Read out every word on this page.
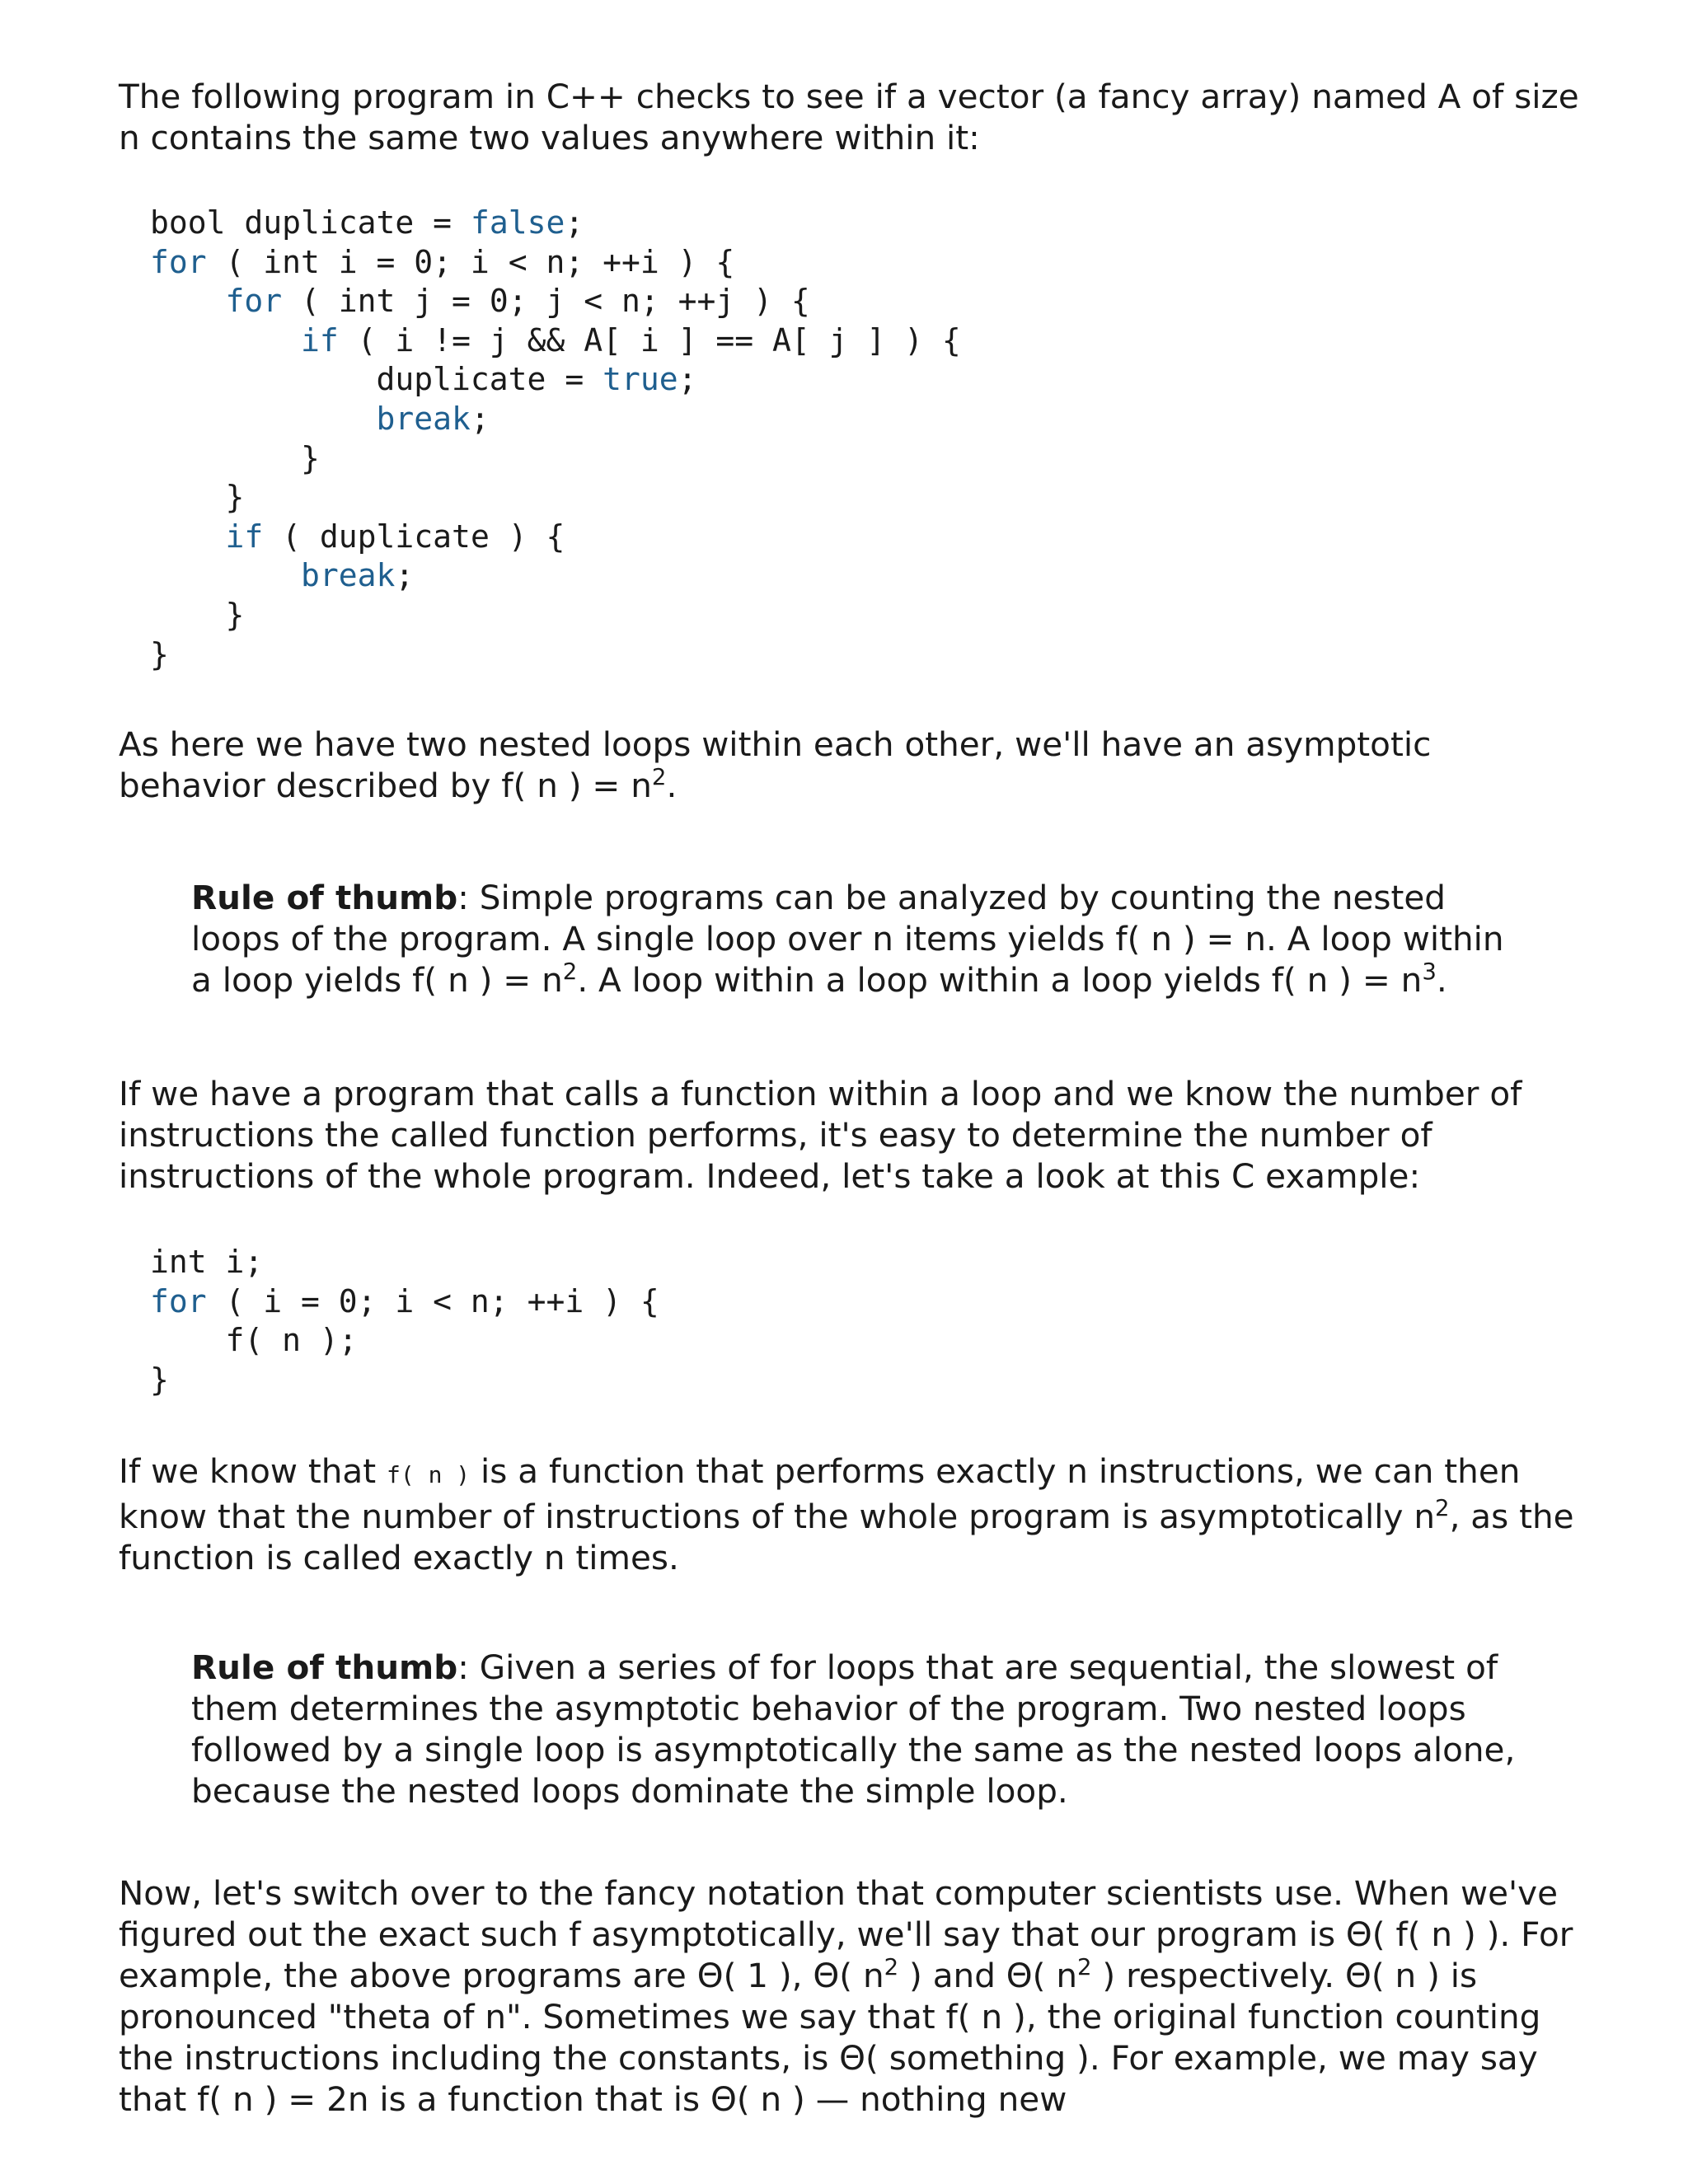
The following program in C++ checks to see if a vector (a fancy array) named A of size n contains the same two values anywhere within it:

bool duplicate = false;
for ( int i = 0; i < n; ++i ) {
for ( int j = 0; j < n; ++j ) {
if ( i != j && A[ i ] == A[ j ] ) {
duplicate = true;
break;
}
}
if ( duplicate ) {
break;
}
}

As here we have two nested loops within each other, we'll have an asymptotic behavior described by f( n ) = $n^2$.

Rule of thumb: Simple programs can be analyzed by counting the nested loops of the program. A single loop over n items yields f( n ) = n. A loop within a loop yields f( n ) = $n^2$. A loop within a loop within a loop yields f( n ) = $n^3$.

If we have a program that calls a function within a loop and we know the number of instructions the called function performs, it's easy to determine the number of instructions of the whole program. Indeed, let's take a look at this C example:

int i;
for ( i = 0; i < n; ++i ) {
f( n );
}

If we know that f( n ) is a function that performs exactly n instructions, we can then know that the number of instructions of the whole program is asymptotically $n^2$, as the function is called exactly n times.

Rule of thumb: Given a series of for loops that are sequential, the slowest of them determines the asymptotic behavior of the program. Two nested loops followed by a single loop is asymptotically the same as the nested loops alone, because the nested loops dominate the simple loop.

Now, let's switch over to the fancy notation that computer scientists use. When we've figured out the exact such f asymptotically, we'll say that our program is Θ( f( n ) ). For example, the above programs are Θ( 1 ), Θ( $n^2$ ) and Θ( $n^2$ ) respectively. Θ( n ) is pronounced "theta of n". Sometimes we say that f( n ), the original function counting the instructions including the constants, is Θ( something ). For example, we may say that f( n ) = 2n is a function that is Θ( n ) — nothing new
